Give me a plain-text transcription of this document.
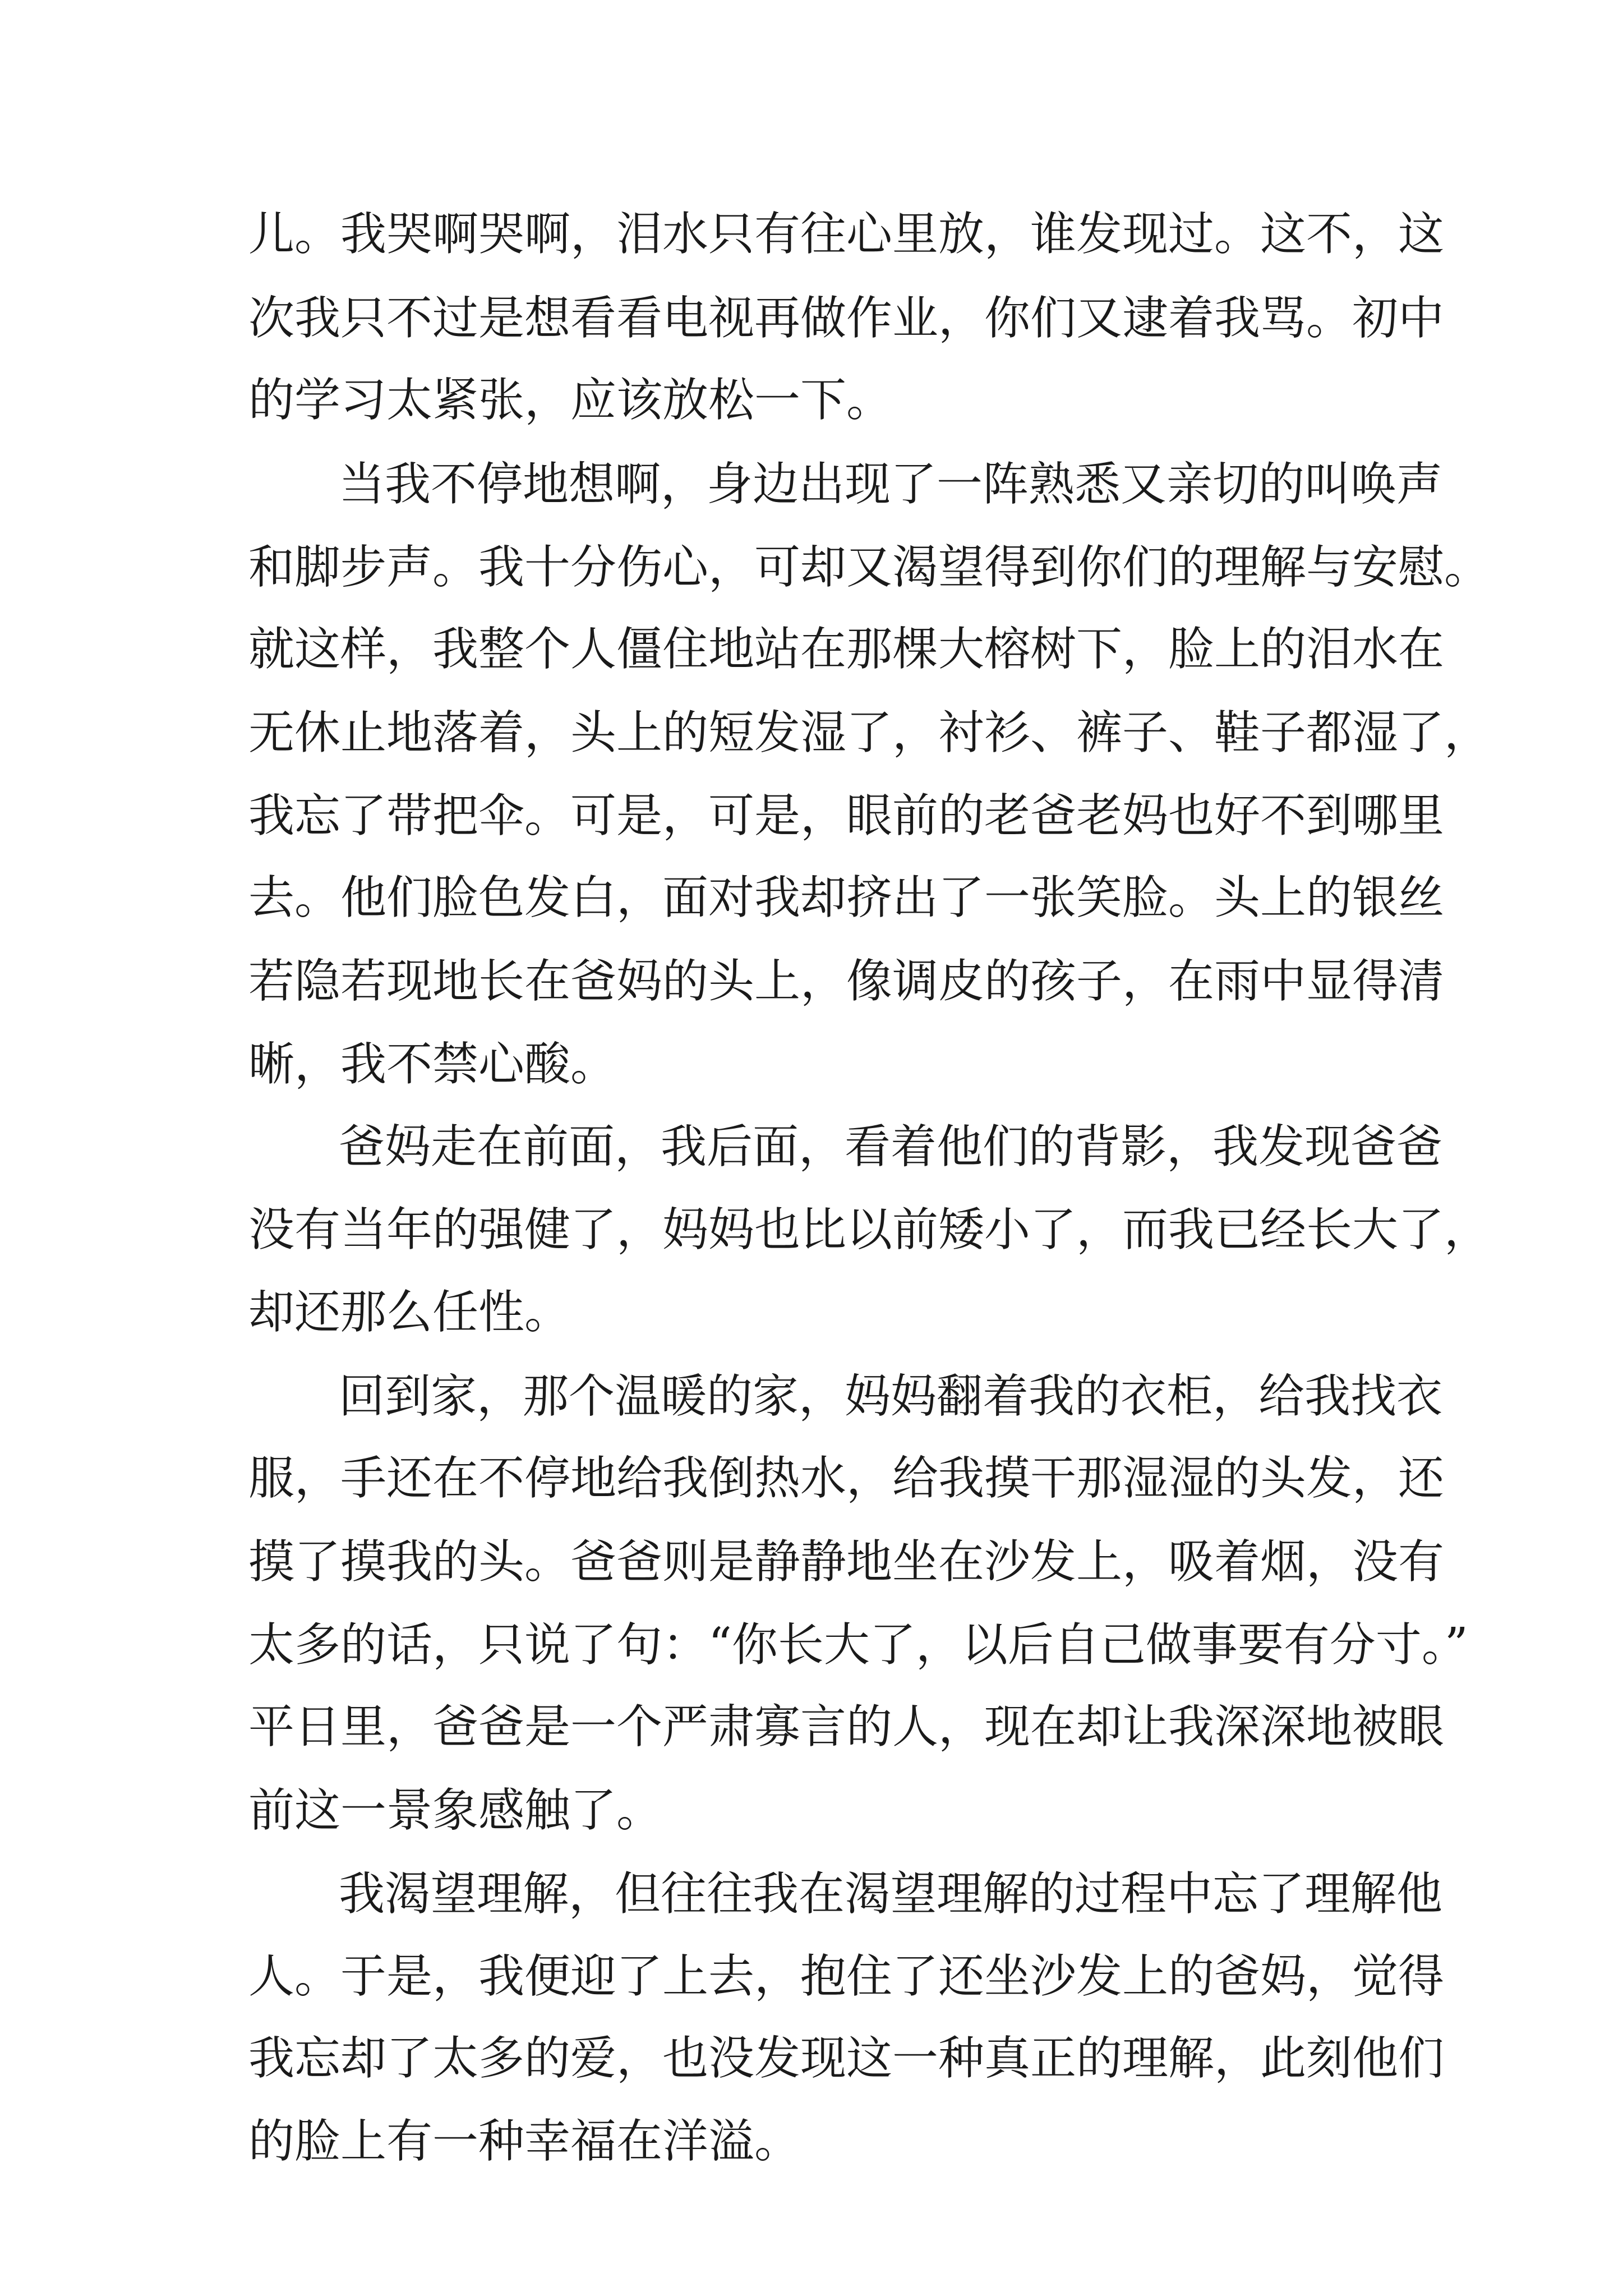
儿。我哭啊哭啊，泪水只有往心里放，谁发现过。这不，这
次我只不过是想看看电视再做作业，你们又逮着我骂。初中
的学习太紧张，应该放松一下。
当我不停地想啊，身边出现了一阵熟悉又亲切的叫唤声
和脚步声。我十分伤心，可却又渴望得到你们的理解与安慰。
就这样，我整个人僵住地站在那棵大榕树下，脸上的泪水在
无休止地落着，头上的短发湿了，衬衫、裤子、鞋子都湿了，
我忘了带把伞。可是，可是，眼前的老爸老妈也好不到哪里
去。他们脸色发白，面对我却挤出了一张笑脸。头上的银丝
若隐若现地长在爸妈的头上，像调皮的孩子，在雨中显得清
晰，我不禁心酸。
爸妈走在前面，我后面，看着他们的背影，我发现爸爸
没有当年的强健了，妈妈也比以前矮小了，而我已经长大了，
却还那么任性。
回到家，那个温暖的家，妈妈翻着我的衣柜，给我找衣
服，手还在不停地给我倒热水，给我摸干那湿湿的头发，还
摸了摸我的头。爸爸则是静静地坐在沙发上，吸着烟，没有
太多的话，只说了句：“你长大了，以后自己做事要有分寸。”
平日里，爸爸是一个严肃寡言的人，现在却让我深深地被眼
前这一景象感触了。
我渴望理解，但往往我在渴望理解的过程中忘了理解他
人。于是，我便迎了上去，抱住了还坐沙发上的爸妈，觉得
我忘却了太多的爱，也没发现这一种真正的理解，此刻他们
的脸上有一种幸福在洋溢。
